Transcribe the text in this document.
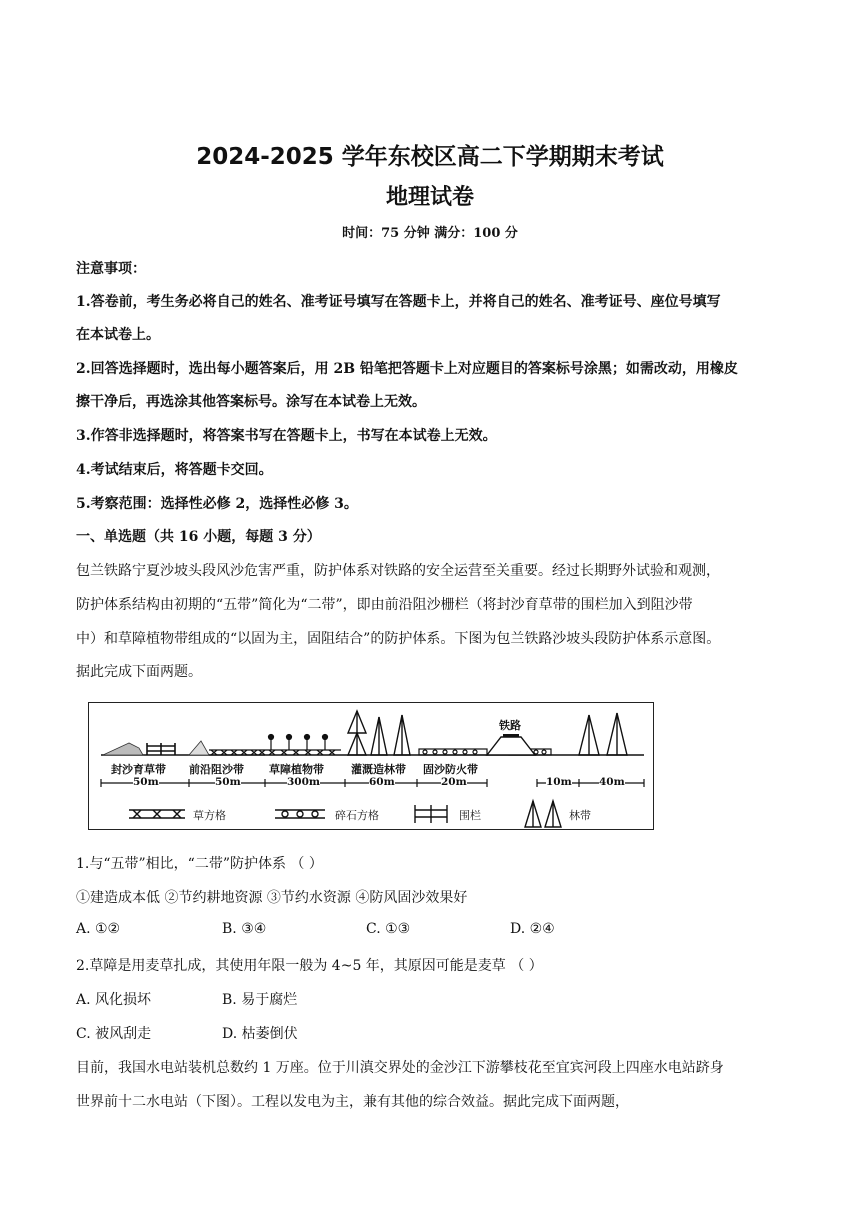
2024-2025 学年东校区高二下学期期末考试
地理试卷
时间：75 分钟 满分：100 分
注意事项：
1.答卷前，考生务必将自己的姓名、准考证号填写在答题卡上，并将自己的姓名、准考证号、座位号填写
在本试卷上。
2.回答选择题时，选出每小题答案后，用 2B 铅笔把答题卡上对应题目的答案标号涂黑；如需改动，用橡皮
擦干净后，再选涂其他答案标号。涂写在本试卷上无效。
3.作答非选择题时，将答案书写在答题卡上，书写在本试卷上无效。
4.考试结束后，将答题卡交回。
5.考察范围：选择性必修 2，选择性必修 3。
一、单选题（共 16 小题，每题 3 分）
包兰铁路宁夏沙坡头段风沙危害严重，防护体系对铁路的安全运营至关重要。经过长期野外试验和观测，
防护体系结构由初期的“五带”简化为“二带”，即由前沿阻沙栅栏（将封沙育草带的围栏加入到阻沙带
中）和草障植物带组成的“以固为主，固阻结合”的防护体系。下图为包兰铁路沙坡头段防护体系示意图。
据此完成下面两题。
铁路
封沙育草带 前沿阻沙带 草障植物带 灌溉造林带 固沙防火带
50m	50m	300m	60m	20m	10m	40m
草方格	碎石方格	围栏	林带
1.与“五带”相比，“二带”防护体系 （ ）
①建造成本低 ②节约耕地资源 ③节约水资源 ④防风固沙效果好
A. ①②	B. ③④	C. ①③	D. ②④
2.草障是用麦草扎成，其使用年限一般为 4~5 年，其原因可能是麦草 （ ）
A. 风化损坏	B. 易于腐烂
C. 被风刮走	D. 枯萎倒伏
目前，我国水电站装机总数约 1 万座。位于川滇交界处的金沙江下游攀枝花至宜宾河段上四座水电站跻身
世界前十二水电站（下图）。工程以发电为主，兼有其他的综合效益。据此完成下面两题，
